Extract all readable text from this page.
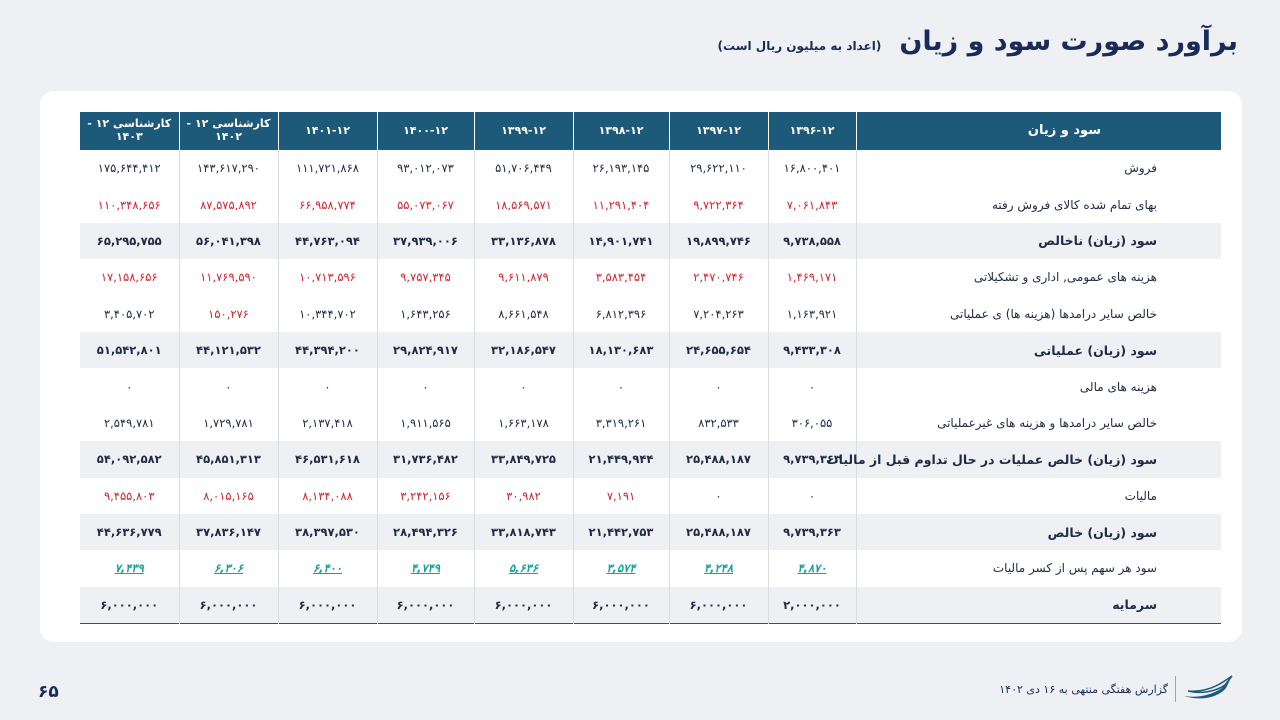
برآورد صورت سود و زیان
(اعداد به میلیون ریال است)
سود و زیان	۱۳۹۶-۱۲	۱۳۹۷-۱۲	۱۳۹۸-۱۲	۱۳۹۹-۱۲	۱۴۰۰-۱۲	۱۴۰۱-۱۲	کارشناسی ۱۲ - ۱۴۰۲	کارشناسی ۱۲ - ۱۴۰۳
فروش	۱۶,۸۰۰,۴۰۱	۲۹,۶۲۲,۱۱۰	۲۶,۱۹۳,۱۴۵	۵۱,۷۰۶,۴۴۹	۹۳,۰۱۲,۰۷۳	۱۱۱,۷۲۱,۸۶۸	۱۴۳,۶۱۷,۲۹۰	۱۷۵,۶۴۴,۴۱۲
بهای تمام شده کالای فروش رفته	۷,۰۶۱,۸۴۳	۹,۷۲۲,۳۶۴	۱۱,۲۹۱,۴۰۴	۱۸,۵۶۹,۵۷۱	۵۵,۰۷۳,۰۶۷	۶۶,۹۵۸,۷۷۴	۸۷,۵۷۵,۸۹۲	۱۱۰,۳۴۸,۶۵۶
سود (زیان) ناخالص	۹,۷۳۸,۵۵۸	۱۹,۸۹۹,۷۴۶	۱۴,۹۰۱,۷۴۱	۳۳,۱۳۶,۸۷۸	۳۷,۹۳۹,۰۰۶	۴۴,۷۶۳,۰۹۴	۵۶,۰۴۱,۳۹۸	۶۵,۲۹۵,۷۵۵
هزینه های عمومی, اداری و تشکیلاتی	۱,۴۶۹,۱۷۱	۲,۴۷۰,۷۴۶	۳,۵۸۳,۴۵۴	۹,۶۱۱,۸۷۹	۹,۷۵۷,۳۴۵	۱۰,۷۱۳,۵۹۶	۱۱,۷۶۹,۵۹۰	۱۷,۱۵۸,۶۵۶
خالص سایر درامدها (هزینه ها) ی عملیاتی	۱,۱۶۳,۹۲۱	۷,۲۰۴,۲۶۳	۶,۸۱۲,۳۹۶	۸,۶۶۱,۵۴۸	۱,۶۴۳,۲۵۶	۱۰,۳۴۴,۷۰۲	۱۵۰,۲۷۶	۳,۴۰۵,۷۰۲
سود (زیان) عملیاتی	۹,۴۳۳,۳۰۸	۲۴,۶۵۵,۶۵۴	۱۸,۱۳۰,۶۸۳	۳۲,۱۸۶,۵۴۷	۲۹,۸۲۴,۹۱۷	۴۴,۳۹۴,۲۰۰	۴۴,۱۲۱,۵۳۲	۵۱,۵۴۲,۸۰۱
هزینه های مالی	۰	۰	۰	۰	۰	۰	۰	۰
خالص سایر درامدها و هزینه های غیرعملیاتی	۳۰۶,۰۵۵	۸۳۲,۵۳۳	۳,۳۱۹,۲۶۱	۱,۶۶۳,۱۷۸	۱,۹۱۱,۵۶۵	۲,۱۳۷,۴۱۸	۱,۷۲۹,۷۸۱	۲,۵۴۹,۷۸۱
سود (زیان) خالص عملیات در حال تداوم قبل از مالیات	۹,۷۳۹,۳۶۳	۲۵,۴۸۸,۱۸۷	۲۱,۴۴۹,۹۴۴	۳۳,۸۴۹,۷۲۵	۳۱,۷۳۶,۴۸۲	۴۶,۵۳۱,۶۱۸	۴۵,۸۵۱,۳۱۳	۵۴,۰۹۲,۵۸۲
مالیات	۰	۰	۷,۱۹۱	۳۰,۹۸۲	۳,۲۴۲,۱۵۶	۸,۱۳۴,۰۸۸	۸,۰۱۵,۱۶۵	۹,۴۵۵,۸۰۳
سود (زیان) خالص	۹,۷۳۹,۳۶۳	۲۵,۴۸۸,۱۸۷	۲۱,۴۴۲,۷۵۳	۳۳,۸۱۸,۷۴۳	۲۸,۴۹۴,۳۲۶	۳۸,۳۹۷,۵۳۰	۳۷,۸۳۶,۱۴۷	۴۴,۶۳۶,۷۷۹
سود هر سهم پس از کسر مالیات	۴,۸۷۰	۴,۲۴۸	۳,۵۷۴	۵,۶۳۶	۴,۷۴۹	۶,۴۰۰	۶,۳۰۶	۷,۴۳۹
سرمایه	۲,۰۰۰,۰۰۰	۶,۰۰۰,۰۰۰	۶,۰۰۰,۰۰۰	۶,۰۰۰,۰۰۰	۶,۰۰۰,۰۰۰	۶,۰۰۰,۰۰۰	۶,۰۰۰,۰۰۰	۶,۰۰۰,۰۰۰
۶۵	گزارش هفتگی منتهی به ۱۶ دی ۱۴۰۲
